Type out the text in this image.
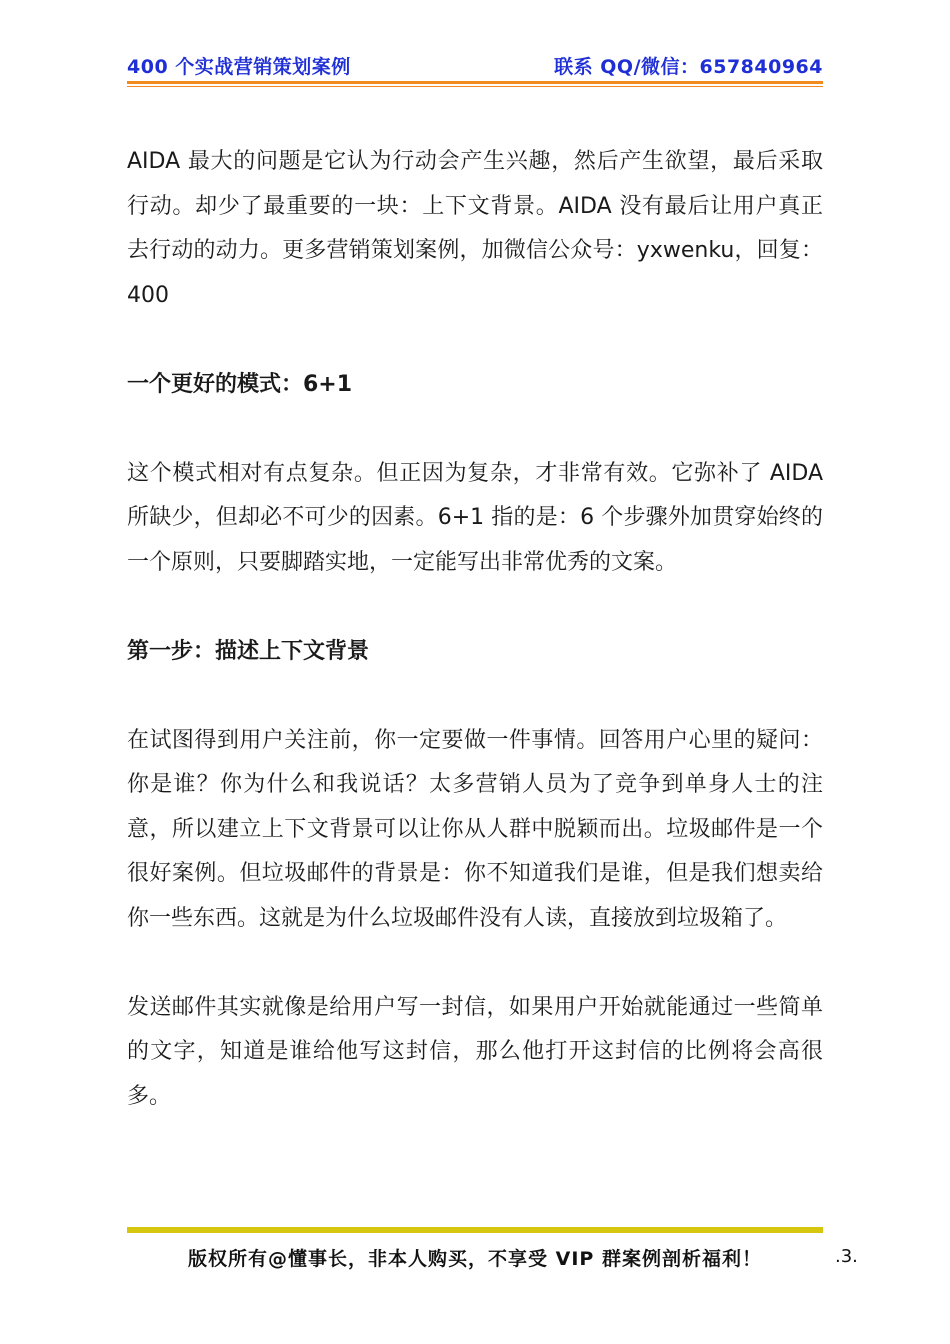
400 个实战营销策划案例	联系 QQ/微信：657840964

AIDA 最大的问题是它认为行动会产生兴趣，然后产生欲望，最后采取行动。却少了最重要的一块：上下文背景。AIDA 没有最后让用户真正去行动的动力。更多营销策划案例，加微信公众号：yxwenku，回复：400

一个更好的模式：6+1

这个模式相对有点复杂。但正因为复杂，才非常有效。它弥补了 AIDA 所缺少，但却必不可少的因素。6+1 指的是：6 个步骤外加贯穿始终的一个原则，只要脚踏实地，一定能写出非常优秀的文案。

第一步：描述上下文背景

在试图得到用户关注前，你一定要做一件事情。回答用户心里的疑问：你是谁？你为什么和我说话？太多营销人员为了竞争到单身人士的注意，所以建立上下文背景可以让你从人群中脱颖而出。垃圾邮件是一个很好案例。但垃圾邮件的背景是：你不知道我们是谁，但是我们想卖给你一些东西。这就是为什么垃圾邮件没有人读，直接放到垃圾箱了。

发送邮件其实就像是给用户写一封信，如果用户开始就能通过一些简单的文字，知道是谁给他写这封信，那么他打开这封信的比例将会高很多。

版权所有@懂事长，非本人购买，不享受 VIP 群案例剖析福利！	.3.
